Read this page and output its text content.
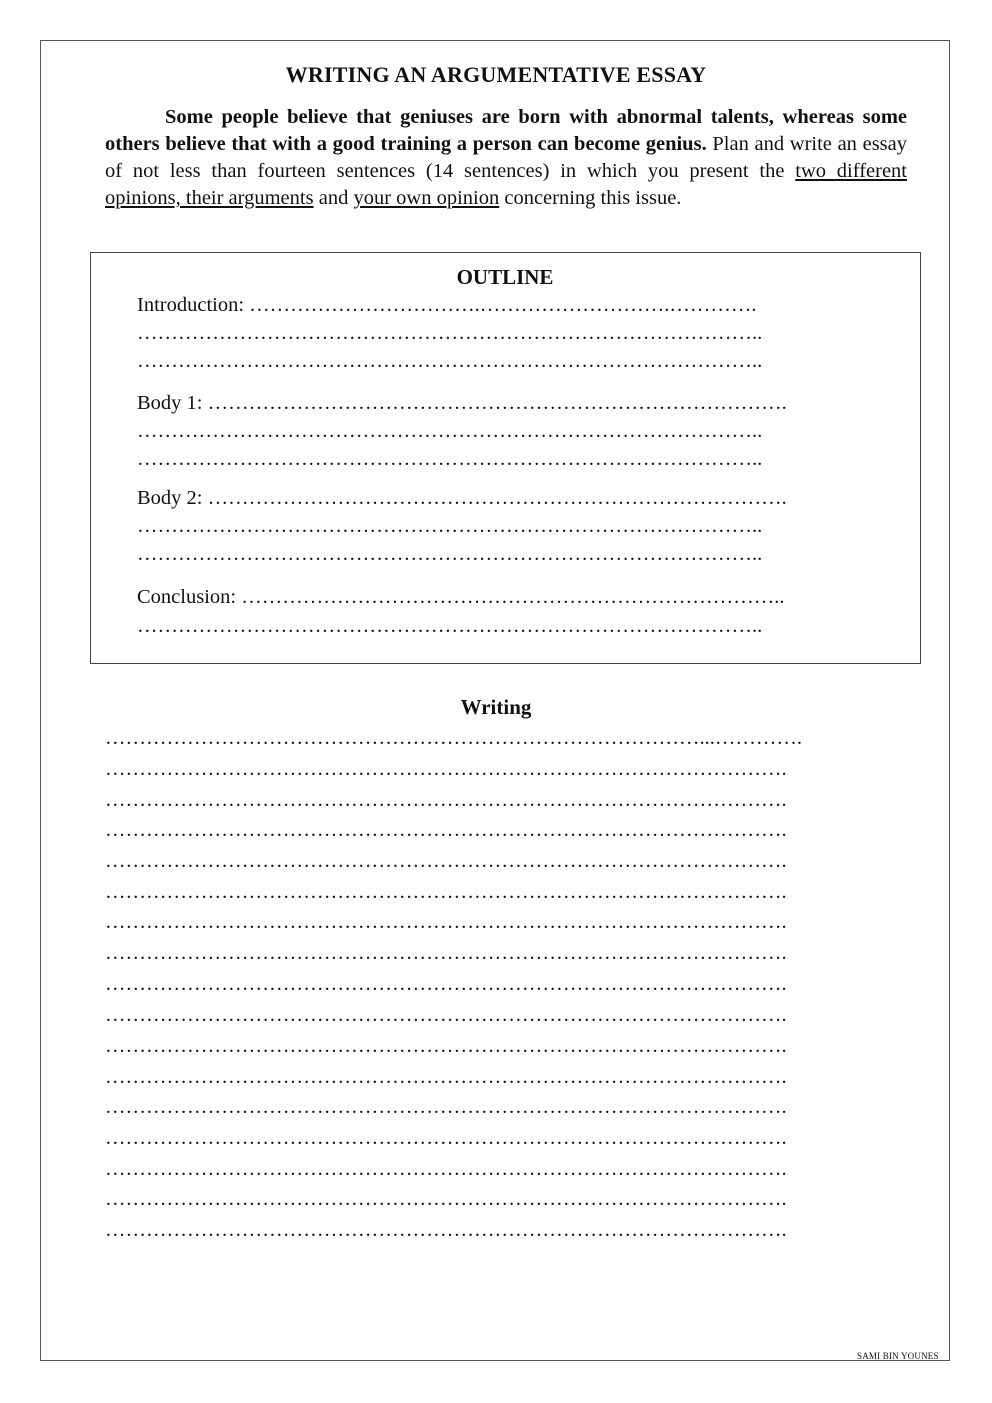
WRITING AN ARGUMENTATIVE ESSAY
Some people believe that geniuses are born with abnormal talents, whereas some others believe that with a good training a person can become genius. Plan and write an essay of not less than fourteen sentences (14 sentences) in which you present the two different opinions, their arguments and your own opinion concerning this issue.
OUTLINE
Introduction: …………………………….……………………….………….
………………………………………………………………………………..
………………………………………………………………………………..
Body 1: ………………………………………………………………………….
………………………………………………………………………………..
………………………………………………………………………………..
Body 2: ………………………………………………………………………….
………………………………………………………………………………..
………………………………………………………………………………..
Conclusion: ……………………………………………………………………..
………………………………………………………………………………..
Writing
……………………………………………………………………………...………….
……………………………………………………………………………………….
……………………………………………………………………………………….
……………………………………………………………………………………….
……………………………………………………………………………………….
……………………………………………………………………………………….
……………………………………………………………………………………….
……………………………………………………………………………………….
……………………………………………………………………………………….
……………………………………………………………………………………….
……………………………………………………………………………………….
……………………………………………………………………………………….
……………………………………………………………………………………….
……………………………………………………………………………………….
……………………………………………………………………………………….
……………………………………………………………………………………….
……………………………………………………………………………………….
SAMI BIN YOUNES
